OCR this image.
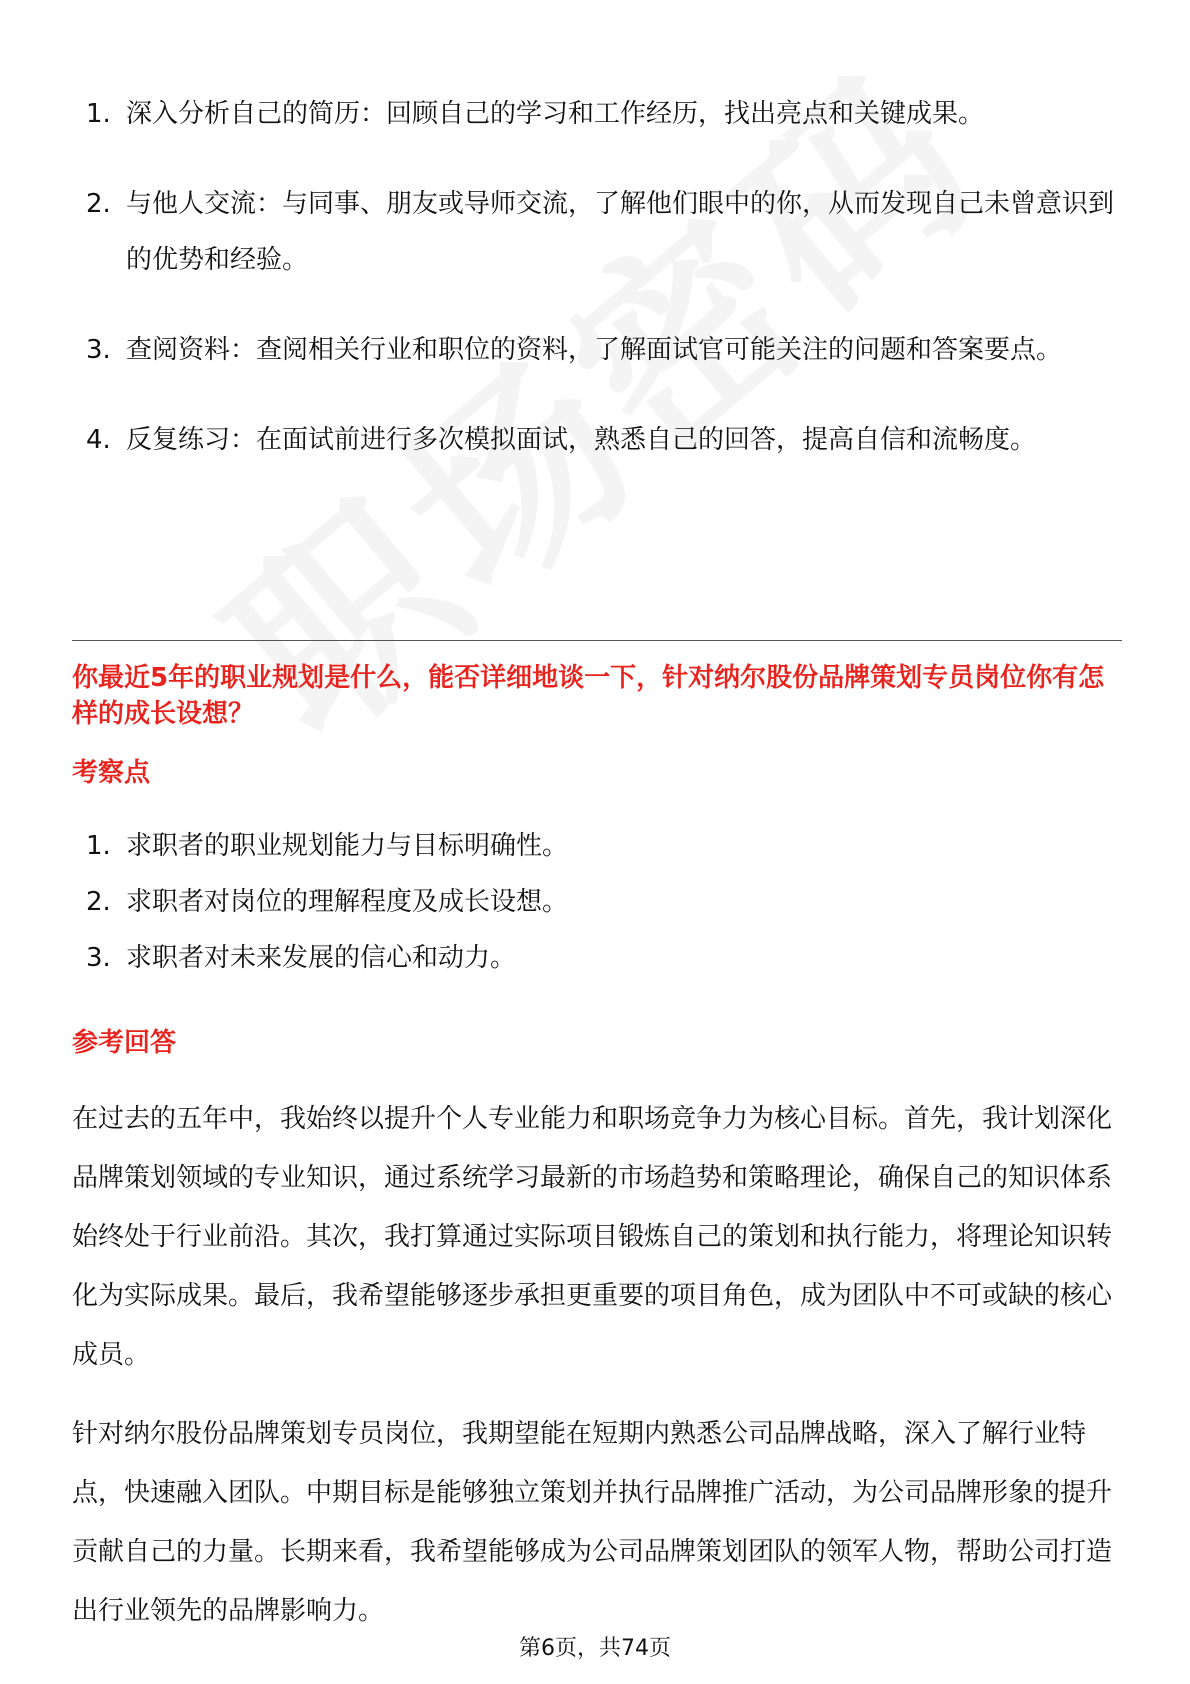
1. 深入分析自己的简历：回顾自己的学习和工作经历，找出亮点和关键成果。
2. 与他人交流：与同事、朋友或导师交流，了解他们眼中的你，从而发现自己未曾意识到的优势和经验。
3. 查阅资料：查阅相关行业和职位的资料，了解面试官可能关注的问题和答案要点。
4. 反复练习：在面试前进行多次模拟面试，熟悉自己的回答，提高自信和流畅度。
你最近5年的职业规划是什么，能否详细地谈一下，针对纳尔股份品牌策划专员岗位你有怎样的成长设想？
考察点
1. 求职者的职业规划能力与目标明确性。
2. 求职者对岗位的理解程度及成长设想。
3. 求职者对未来发展的信心和动力。
参考回答

在过去的五年中，我始终以提升个人专业能力和职场竞争力为核心目标。首先，我计划深化品牌策划领域的专业知识，通过系统学习最新的市场趋势和策略理论，确保自己的知识体系始终处于行业前沿。其次，我打算通过实际项目锻炼自己的策划和执行能力，将理论知识转化为实际成果。最后，我希望能够逐步承担更重要的项目角色，成为团队中不可或缺的核心成员。

针对纳尔股份品牌策划专员岗位，我期望能在短期内熟悉公司品牌战略，深入了解行业特点，快速融入团队。中期目标是能够独立策划并执行品牌推广活动，为公司品牌形象的提升贡献自己的力量。长期来看，我希望能够成为公司品牌策划团队的领军人物，帮助公司打造出行业领先的品牌影响力。

第6页，共74页
